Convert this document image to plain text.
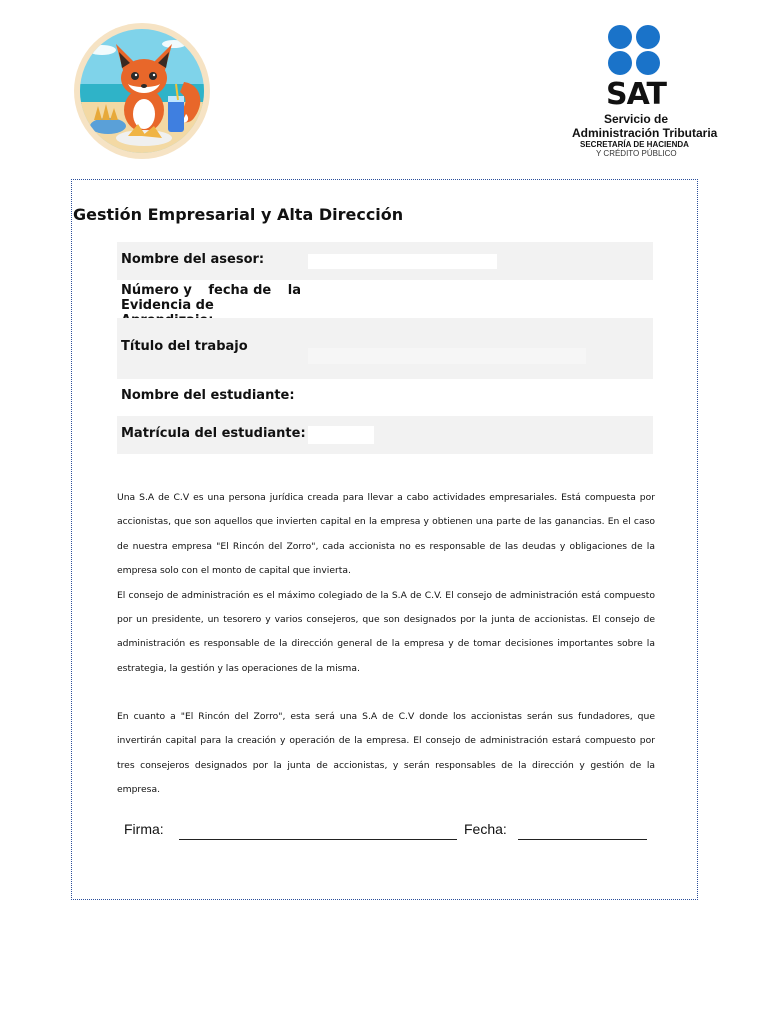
SAT
Servicio de
Administración Tributaria
SECRETARÍA DE HACIENDA
Y CRÉDITO PÚBLICO
Gestión Empresarial y Alta Dirección
Nombre del asesor:
Número y fecha de la
Evidencia de
Título del trabajo
Nombre del estudiante:
Matrícula del estudiante:

Una S.A de C.V es una persona jurídica creada para llevar a cabo actividades empresariales. Está compuesta por accionistas, que son aquellos que invierten capital en la empresa y obtienen una parte de las ganancias. En el caso de nuestra empresa "El Rincón del Zorro", cada accionista no es responsable de las deudas y obligaciones de la empresa solo con el monto de capital que invierta.

El consejo de administración es el máximo colegiado de la S.A de C.V. El consejo de administración está compuesto por un presidente, un tesorero y varios consejeros, que son designados por la junta de accionistas. El consejo de administración es responsable de la dirección general de la empresa y de tomar decisiones importantes sobre la estrategia, la gestión y las operaciones de la misma.

En cuanto a "El Rincón del Zorro", esta será una S.A de C.V donde los accionistas serán sus fundadores, que invertirán capital para la creación y operación de la empresa. El consejo de administración estará compuesto por tres consejeros designados por la junta de accionistas, y serán responsables de la dirección y gestión de la empresa.

Firma:	Fecha:
